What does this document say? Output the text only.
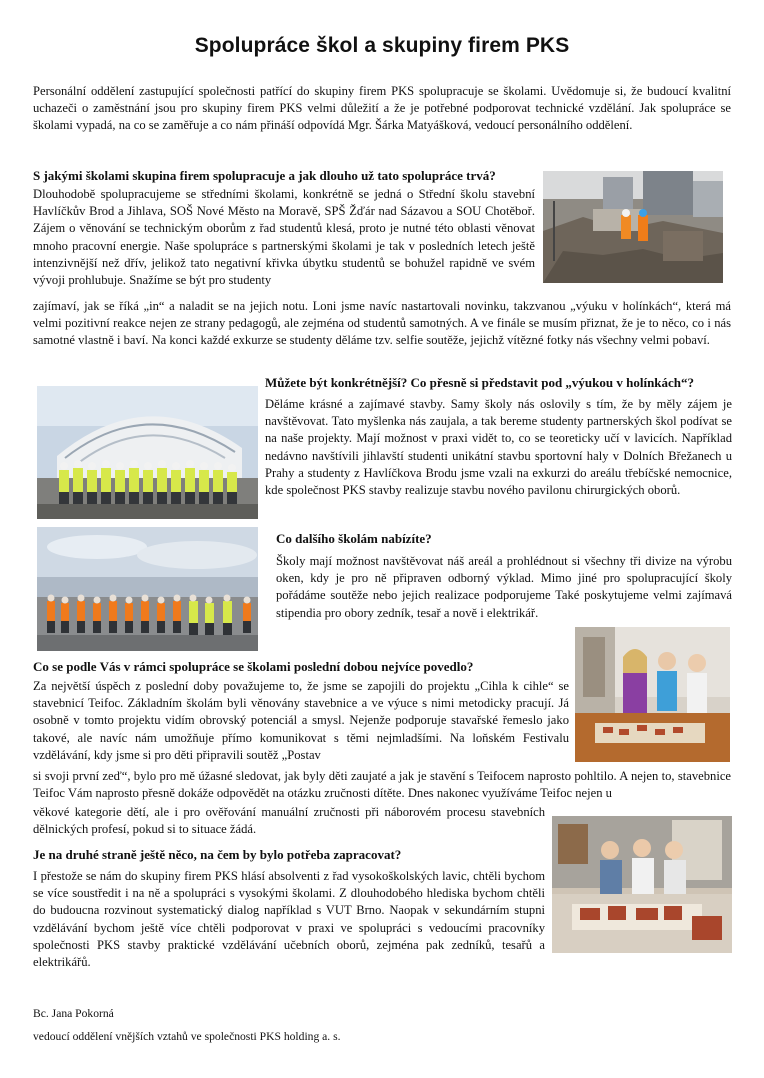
Spolupráce škol a skupiny firem PKS
Personální oddělení zastupující společnosti patřící do skupiny firem PKS spolupracuje se školami. Uvědomuje si, že budoucí kvalitní uchazeči o zaměstnání jsou pro skupiny firem PKS velmi důležití a že je potřebné podporovat technické vzdělání. Jak spolupráce se školami vypadá, na co se zaměřuje a co nám přináší odpovídá Mgr. Šárka Matyášková, vedoucí personálního oddělení.
S jakými školami skupina firem spolupracuje a jak dlouho už tato spolupráce trvá?
Dlouhodobě spolupracujeme se středními školami, konkrétně se jedná o Střední školu stavební Havlíčkův Brod a Jihlava, SOŠ Nové Město na Moravě, SPŠ Žďár nad Sázavou a SOU Chotěboř. Zájem o věnování se technickým oborům z řad studentů klesá, proto je nutné této oblasti věnovat mnoho pracovní energie. Naše spolupráce s partnerskými školami je tak v posledních letech ještě intenzivnější než dřív, jelikož tato negativní křivka úbytku studentů se bohužel rapidně ve svém vývoji prohlubuje. Snažíme se být pro studenty
zajímaví, jak se říká „in“ a naladit se na jejich notu. Loni jsme navíc nastartovali novinku, takzvanou „výuku v holínkách“, která má velmi pozitivní reakce nejen ze strany pedagogů, ale zejména od studentů samotných. A ve finále se musím přiznat, že je to něco, co i nás samotné vlastně i baví. Na konci každé exkurze se studenty děláme tzv. selfie soutěže, jejichž vítězné fotky nás všechny velmi pobaví.
Můžete být konkrétnější? Co přesně si představit pod „výukou v holínkách“?
Děláme krásné a zajímavé stavby. Samy školy nás oslovily s tím, že by měly zájem je navštěvovat. Tato myšlenka nás zaujala, a tak bereme studenty partnerských škol podívat se na naše projekty. Mají možnost v praxi vidět to, co se teoreticky učí v lavicích. Například nedávno navštívili jihlavští studenti unikátní stavbu sportovní haly v Dolních Břežanech u Prahy a studenty z Havlíčkova Brodu jsme vzali na exkurzi do areálu třebíčské nemocnice, kde společnost PKS stavby realizuje stavbu nového pavilonu chirurgických oborů.
Co dalšího školám nabízíte?
Školy mají možnost navštěvovat náš areál a prohlédnout si všechny tři divize na výrobu oken, kdy je pro ně připraven odborný výklad. Mimo jiné pro spolupracující školy pořádáme soutěže nebo jejich realizace podporujeme Také poskytujeme velmi zajímavá stipendia pro obory zedník, tesař a nově i elektrikář.
Co se podle Vás v rámci spolupráce se školami poslední dobou nejvíce povedlo?
Za největší úspěch z poslední doby považujeme to, že jsme se zapojili do projektu „Cihla k cihle“ se stavebnicí Teifoc. Základním školám byli věnovány stavebnice a ve výuce s nimi metodicky pracují. Já osobně v tomto projektu vidím obrovský potenciál a smysl. Nejenže podporuje stavařské řemeslo jako takové, ale navíc nám umožňuje přímo komunikovat s těmi nejmladšími. Na loňském Festivalu vzdělávání, kdy jsme si pro děti připravili soutěž „Postav
si svoji první zeď“, bylo pro mě úžasné sledovat, jak byly děti zaujaté a jak je stavění s Teifocem naprosto pohltilo. A nejen to, stavebnice Teifoc Vám naprosto přesně dokáže odpovědět na otázku zručnosti dítěte. Dnes nakonec využíváme Teifoc nejen u
věkové kategorie dětí, ale i pro ověřování manuální zručnosti při náborovém procesu stavebních dělnických profesí, pokud si to situace žádá.
Je na druhé straně ještě něco, na čem by bylo potřeba zapracovat?
I přestože se nám do skupiny firem PKS hlásí absolventi z řad vysokoškolských lavic, chtěli bychom se více soustředit i na ně a spolupráci s vysokými školami. Z dlouhodobého hlediska bychom chtěli do budoucna rozvinout systematický dialog například s VUT Brno. Naopak v sekundárním stupni vzdělávání bychom ještě více chtěli podporovat v praxi ve spolupráci s vedoucími pracovníky společnosti PKS stavby praktické vzdělávání učebních oborů, zejména pak zedníků, tesařů a elektrikářů.
Bc. Jana Pokorná
vedoucí oddělení vnějších vztahů ve společnosti PKS holding a. s.
